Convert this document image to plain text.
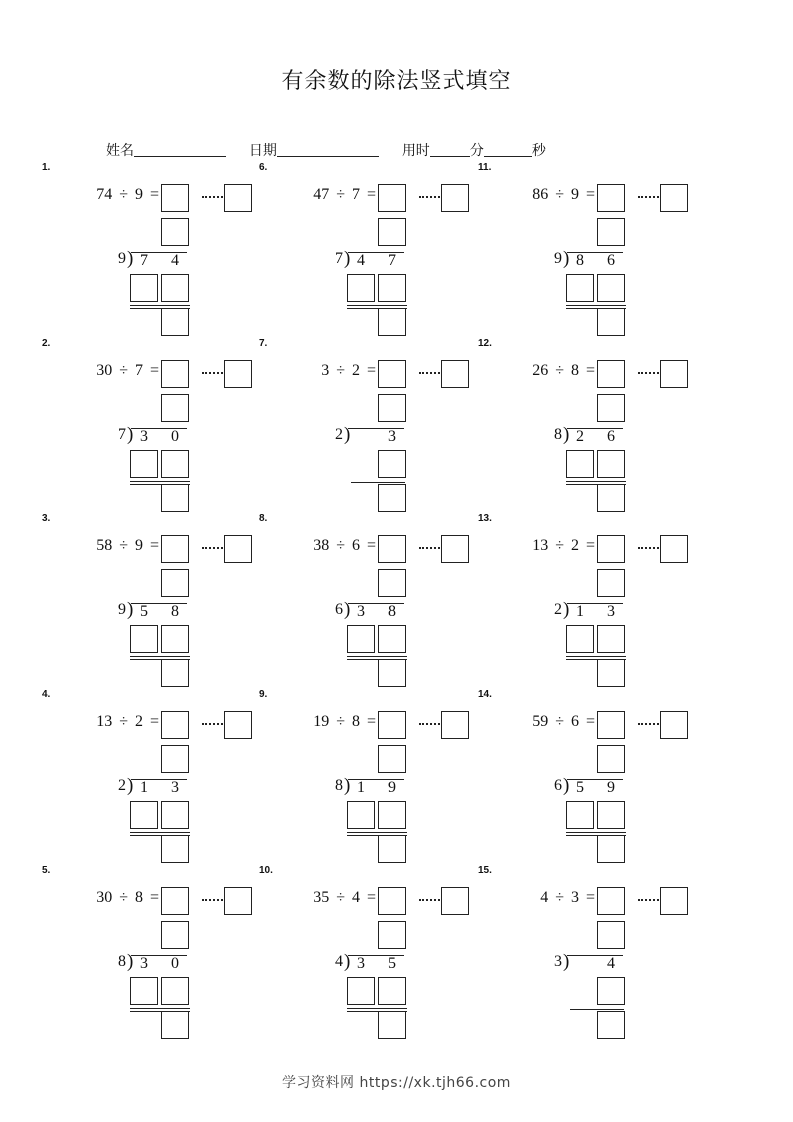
有余数的除法竖式填空
姓名	日期	用时	分	秒
1.
74 ÷ 9 =
9 ) 7 4
2.
30 ÷ 7 =
7 ) 3 0
3.
58 ÷ 9 =
9 ) 5 8
4.
13 ÷ 2 =
2 ) 1 3
5.
30 ÷ 8 =
8 ) 3 0
6.
47 ÷ 7 =
7 ) 4 7
7.
3 ÷ 2 =
2 ) 3
8.
38 ÷ 6 =
6 ) 3 8
9.
19 ÷ 8 =
8 ) 1 9
10.
35 ÷ 4 =
4 ) 3 5
11.
86 ÷ 9 =
9 ) 8 6
12.
26 ÷ 8 =
8 ) 2 6
13.
13 ÷ 2 =
2 ) 1 3
14.
59 ÷ 6 =
6 ) 5 9
15.
4 ÷ 3 =
3 ) 4
学习资料网 https://xk.tjh66.com
